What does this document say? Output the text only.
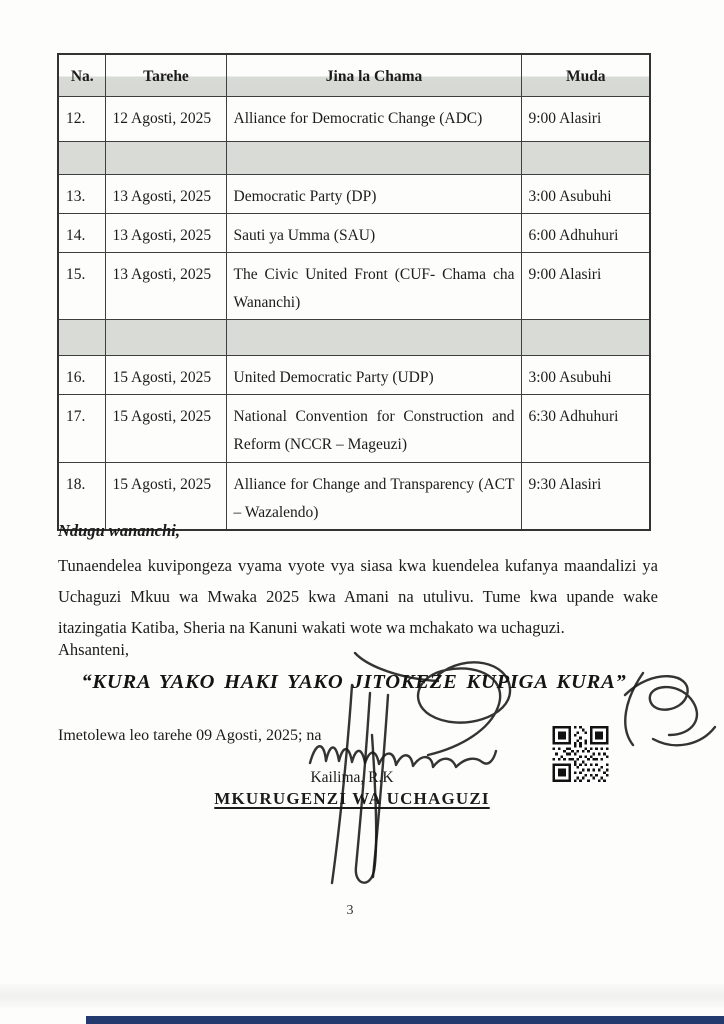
Na.	Tarehe	Jina la Chama	Muda
12.	12 Agosti, 2025	Alliance for Democratic Change (ADC)	9:00 Alasiri

13.	13 Agosti, 2025	Democratic Party (DP)	3:00 Asubuhi
14.	13 Agosti, 2025	Sauti ya Umma (SAU)	6:00 Adhuhuri
15.	13 Agosti, 2025	The Civic United Front (CUF- Chama cha Wananchi)	9:00 Alasiri

16.	15 Agosti, 2025	United Democratic Party (UDP)	3:00 Asubuhi
17.	15 Agosti, 2025	National Convention for Construction and Reform (NCCR – Mageuzi)	6:30 Adhuhuri
18.	15 Agosti, 2025	Alliance for Change and Transparency (ACT – Wazalendo)	9:30 Alasiri
Ndugu wananchi,
Tunaendelea kuvipongeza vyama vyote vya siasa kwa kuendelea kufanya maandalizi ya
Uchaguzi Mkuu wa Mwaka 2025 kwa Amani na utulivu. Tume kwa upande wake
itazingatia Katiba, Sheria na Kanuni wakati wote wa mchakato wa uchaguzi.
Ahsanteni,
“KURA YAKO HAKI YAKO JITOKEZE KUPIGA KURA”
Imetolewa leo tarehe 09 Agosti, 2025; na
Kailima, R.K
MKURUGENZI WA UCHAGUZI
3
